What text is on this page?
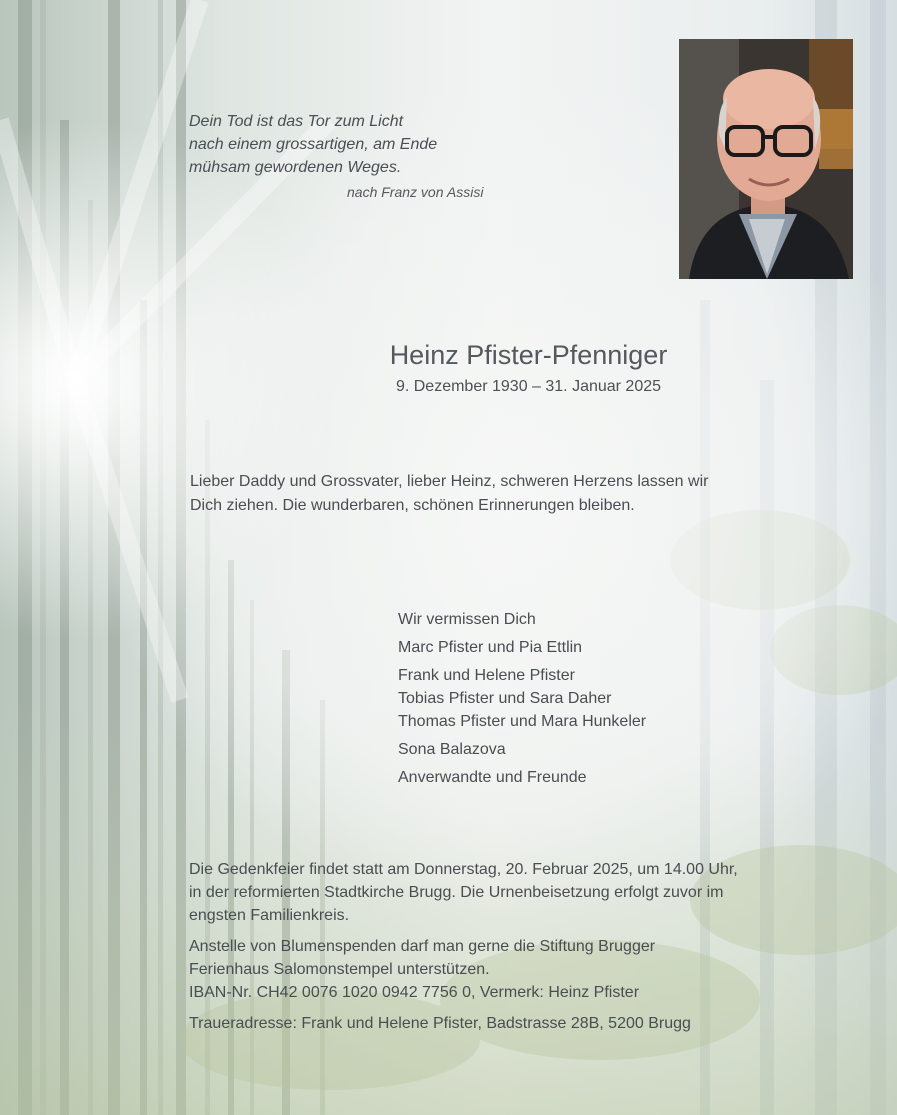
Dein Tod ist das Tor zum Licht
nach einem grossartigen, am Ende
mühsam gewordenen Weges.
nach Franz von Assisi
Heinz Pfister-Pfenniger
9. Dezember 1930 – 31. Januar 2025
Lieber Daddy und Grossvater, lieber Heinz, schweren Herzens lassen wir
Dich ziehen. Die wunderbaren, schönen Erinnerungen bleiben.
Wir vermissen Dich
Marc Pfister und Pia Ettlin
Frank und Helene Pfister
Tobias Pfister und Sara Daher
Thomas Pfister und Mara Hunkeler
Sona Balazova
Anverwandte und Freunde
Die Gedenkfeier findet statt am Donnerstag, 20. Februar 2025, um 14.00 Uhr,
in der reformierten Stadtkirche Brugg. Die Urnenbeisetzung erfolgt zuvor im
engsten Familienkreis.
Anstelle von Blumenspenden darf man gerne die Stiftung Brugger
Ferienhaus Salomonstempel unterstützen.
IBAN-Nr. CH42 0076 1020 0942 7756 0, Vermerk: Heinz Pfister
Traueradresse: Frank und Helene Pfister, Badstrasse 28B, 5200 Brugg
